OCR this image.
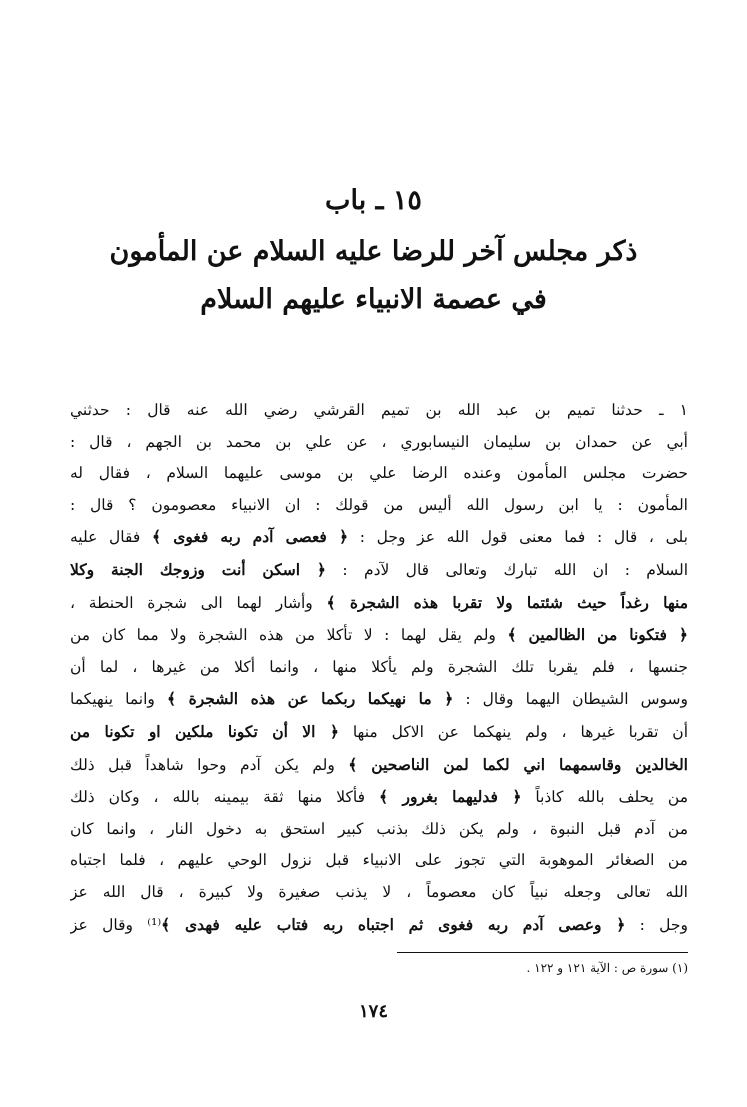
١٥ ـ باب
ذكر مجلس آخر للرضا عليه السلام عن المأمون
في عصمة الانبياء عليهم السلام
١ ـ حدثنا تميم بن عبد الله بن تميم القرشي رضي الله عنه قال : حدثني
أبي عن حمدان بن سليمان النيسابوري ، عن علي بن محمد بن الجهم ، قال :
حضرت مجلس المأمون وعنده الرضا علي بن موسى عليهما السلام ، فقال له
المأمون : يا ابن رسول الله أليس من قولك : ان الانبياء معصومون ؟ قال :
بلى ، قال : فما معنى قول الله عز وجل : ﴿ فعصى آدم ربه فغوى ﴾ فقال عليه
السلام : ان الله تبارك وتعالى قال لآدم : ﴿ اسكن أنت وزوجك الجنة وكلا
منها رغداً حيث شئتما ولا تقربا هذه الشجرة ﴾ وأشار لهما الى شجرة الحنطة ،
﴿ فتكونا من الظالمين ﴾ ولم يقل لهما : لا تأكلا من هذه الشجرة ولا مما كان من
جنسها ، فلم يقربا تلك الشجرة ولم يأكلا منها ، وانما أكلا من غيرها ، لما أن
وسوس الشيطان اليهما وقال : ﴿ ما نهيكما ربكما عن هذه الشجرة ﴾ وانما ينهيكما
أن تقربا غيرها ، ولم ينهكما عن الاكل منها ﴿ الا أن تكونا ملكين او تكونا من
الخالدين وقاسمهما اني لكما لمن الناصحين ﴾ ولم يكن آدم وحوا شاهداً قبل ذلك
من يحلف بالله كاذباً ﴿ فدليهما بغرور ﴾ فأكلا منها ثقة بيمينه بالله ، وكان ذلك
من آدم قبل النبوة ، ولم يكن ذلك بذنب كبير استحق به دخول النار ، وانما كان
من الصغائر الموهوبة التي تجوز على الانبياء قبل نزول الوحي عليهم ، فلما اجتباه
الله تعالى وجعله نبياً كان معصوماً ، لا يذنب صغيرة ولا كبيرة ، قال الله عز
وجل : ﴿ وعصى آدم ربه فغوى ثم اجتباه ربه فتاب عليه فهدى ﴾⁽¹⁾ وقال عز
(١) سورة ص : الآية ١٢١ و ١٢٢ .
١٧٤
